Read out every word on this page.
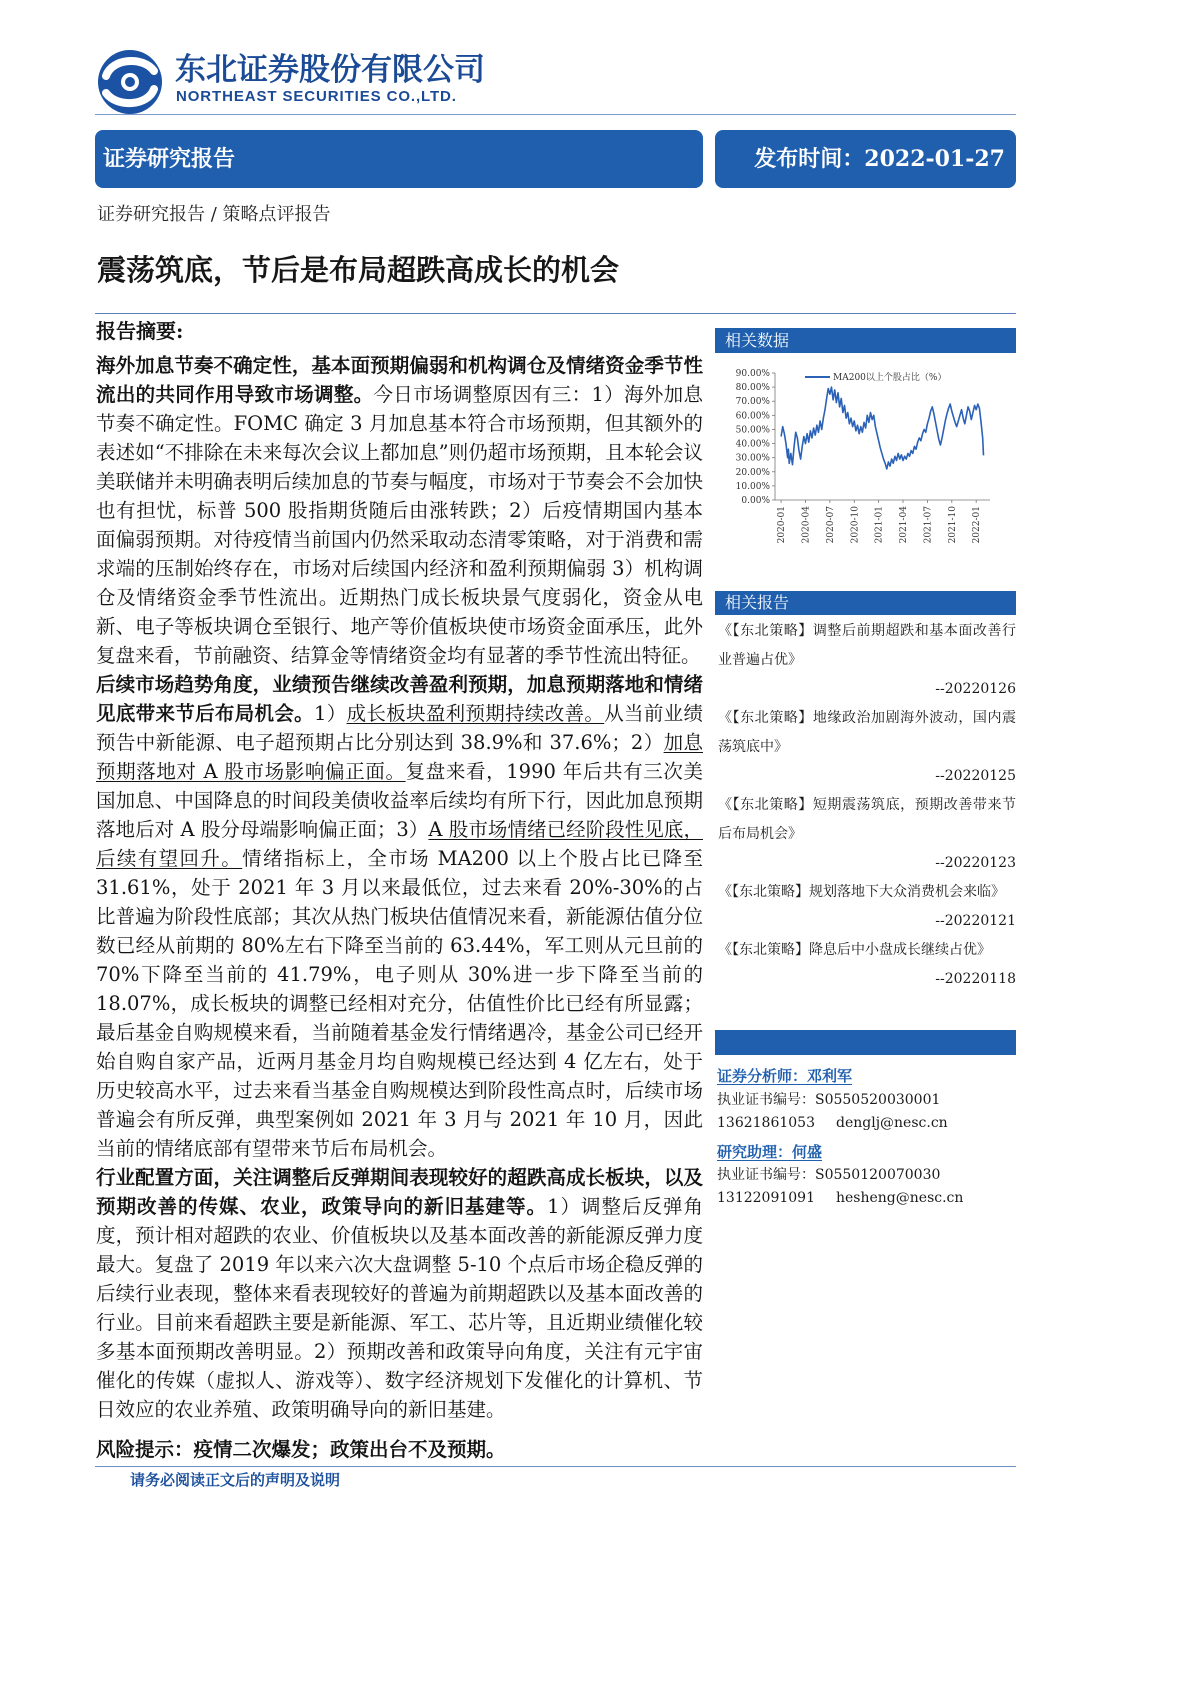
东北证券股份有限公司
NORTHEAST SECURITIES CO.,LTD.
证券研究报告	发布时间：2022-01-27
证券研究报告 / 策略点评报告
震荡筑底，节后是布局超跌高成长的机会
报告摘要:

海外加息节奏不确定性，基本面预期偏弱和机构调仓及情绪资金季节性流出的共同作用导致市场调整。今日市场调整原因有三：1）海外加息节奏不确定性。FOMC 确定 3 月加息基本符合市场预期，但其额外的表述如“不排除在未来每次会议上都加息”则仍超市场预期，且本轮会议美联储并未明确表明后续加息的节奏与幅度，市场对于节奏会不会加快也有担忧，标普 500 股指期货随后由涨转跌；2）后疫情期国内基本面偏弱预期。对待疫情当前国内仍然采取动态清零策略，对于消费和需求端的压制始终存在，市场对后续国内经济和盈利预期偏弱 3）机构调仓及情绪资金季节性流出。近期热门成长板块景气度弱化，资金从电新、电子等板块调仓至银行、地产等价值板块使市场资金面承压，此外复盘来看，节前融资、结算金等情绪资金均有显著的季节性流出特征。

后续市场趋势角度，业绩预告继续改善盈利预期，加息预期落地和情绪见底带来节后布局机会。1）成长板块盈利预期持续改善。从当前业绩预告中新能源、电子超预期占比分别达到 38.9%和 37.6%；2）加息预期落地对 A 股市场影响偏正面。复盘来看，1990 年后共有三次美国加息、中国降息的时间段美债收益率后续均有所下行，因此加息预期落地后对 A 股分母端影响偏正面；3）A 股市场情绪已经阶段性见底，后续有望回升。情绪指标上，全市场 MA200 以上个股占比已降至 31.61%，处于 2021 年 3 月以来最低位，过去来看 20%-30%的占比普遍为阶段性底部；其次从热门板块估值情况来看，新能源估值分位数已经从前期的 80%左右下降至当前的 63.44%，军工则从元旦前的 70%下降至当前的 41.79%，电子则从 30%进一步下降至当前的 18.07%，成长板块的调整已经相对充分，估值性价比已经有所显露；最后基金自购规模来看，当前随着基金发行情绪遇冷，基金公司已经开始自购自家产品，近两月基金月均自购规模已经达到 4 亿左右，处于历史较高水平，过去来看当基金自购规模达到阶段性高点时，后续市场普遍会有所反弹，典型案例如 2021 年 3 月与 2021 年 10 月，因此当前的情绪底部有望带来节后布局机会。

行业配置方面，关注调整后反弹期间表现较好的超跌高成长板块，以及预期改善的传媒、农业，政策导向的新旧基建等。1）调整后反弹角度，预计相对超跌的农业、价值板块以及基本面改善的新能源反弹力度最大。复盘了 2019 年以来六次大盘调整 5-10 个点后市场企稳反弹的后续行业表现，整体来看表现较好的普遍为前期超跌以及基本面改善的行业。目前来看超跌主要是新能源、军工、芯片等，且近期业绩催化较多基本面预期改善明显。2）预期改善和政策导向角度，关注有元宇宙催化的传媒（虚拟人、游戏等）、数字经济规划下发催化的计算机、节日效应的农业养殖、政策明确导向的新旧基建。

风险提示：疫情二次爆发；政策出台不及预期。

相关数据
90.00%
80.00%
70.00%
60.00%
50.00%
40.00%
30.00%
20.00%
10.00%
0.00%
2020-01 2020-04 2020-07 2020-10 2021-01 2021-04 2021-07 2021-10 2022-01
MA200以上个股占比（%）
相关报告
《【东北策略】调整后前期超跌和基本面改善行业普遍占优》
--20220126
《【东北策略】地缘政治加剧海外波动，国内震荡筑底中》
--20220125
《【东北策略】短期震荡筑底，预期改善带来节后布局机会》
--20220123
《【东北策略】规划落地下大众消费机会来临》
--20220121
《【东北策略】降息后中小盘成长继续占优》
--20220118
证券分析师：邓利军
执业证书编号：S0550520030001
13621861053 denglj@nesc.cn
研究助理：何盛
执业证书编号：S0550120070030
13122091091 hesheng@nesc.cn
请务必阅读正文后的声明及说明
